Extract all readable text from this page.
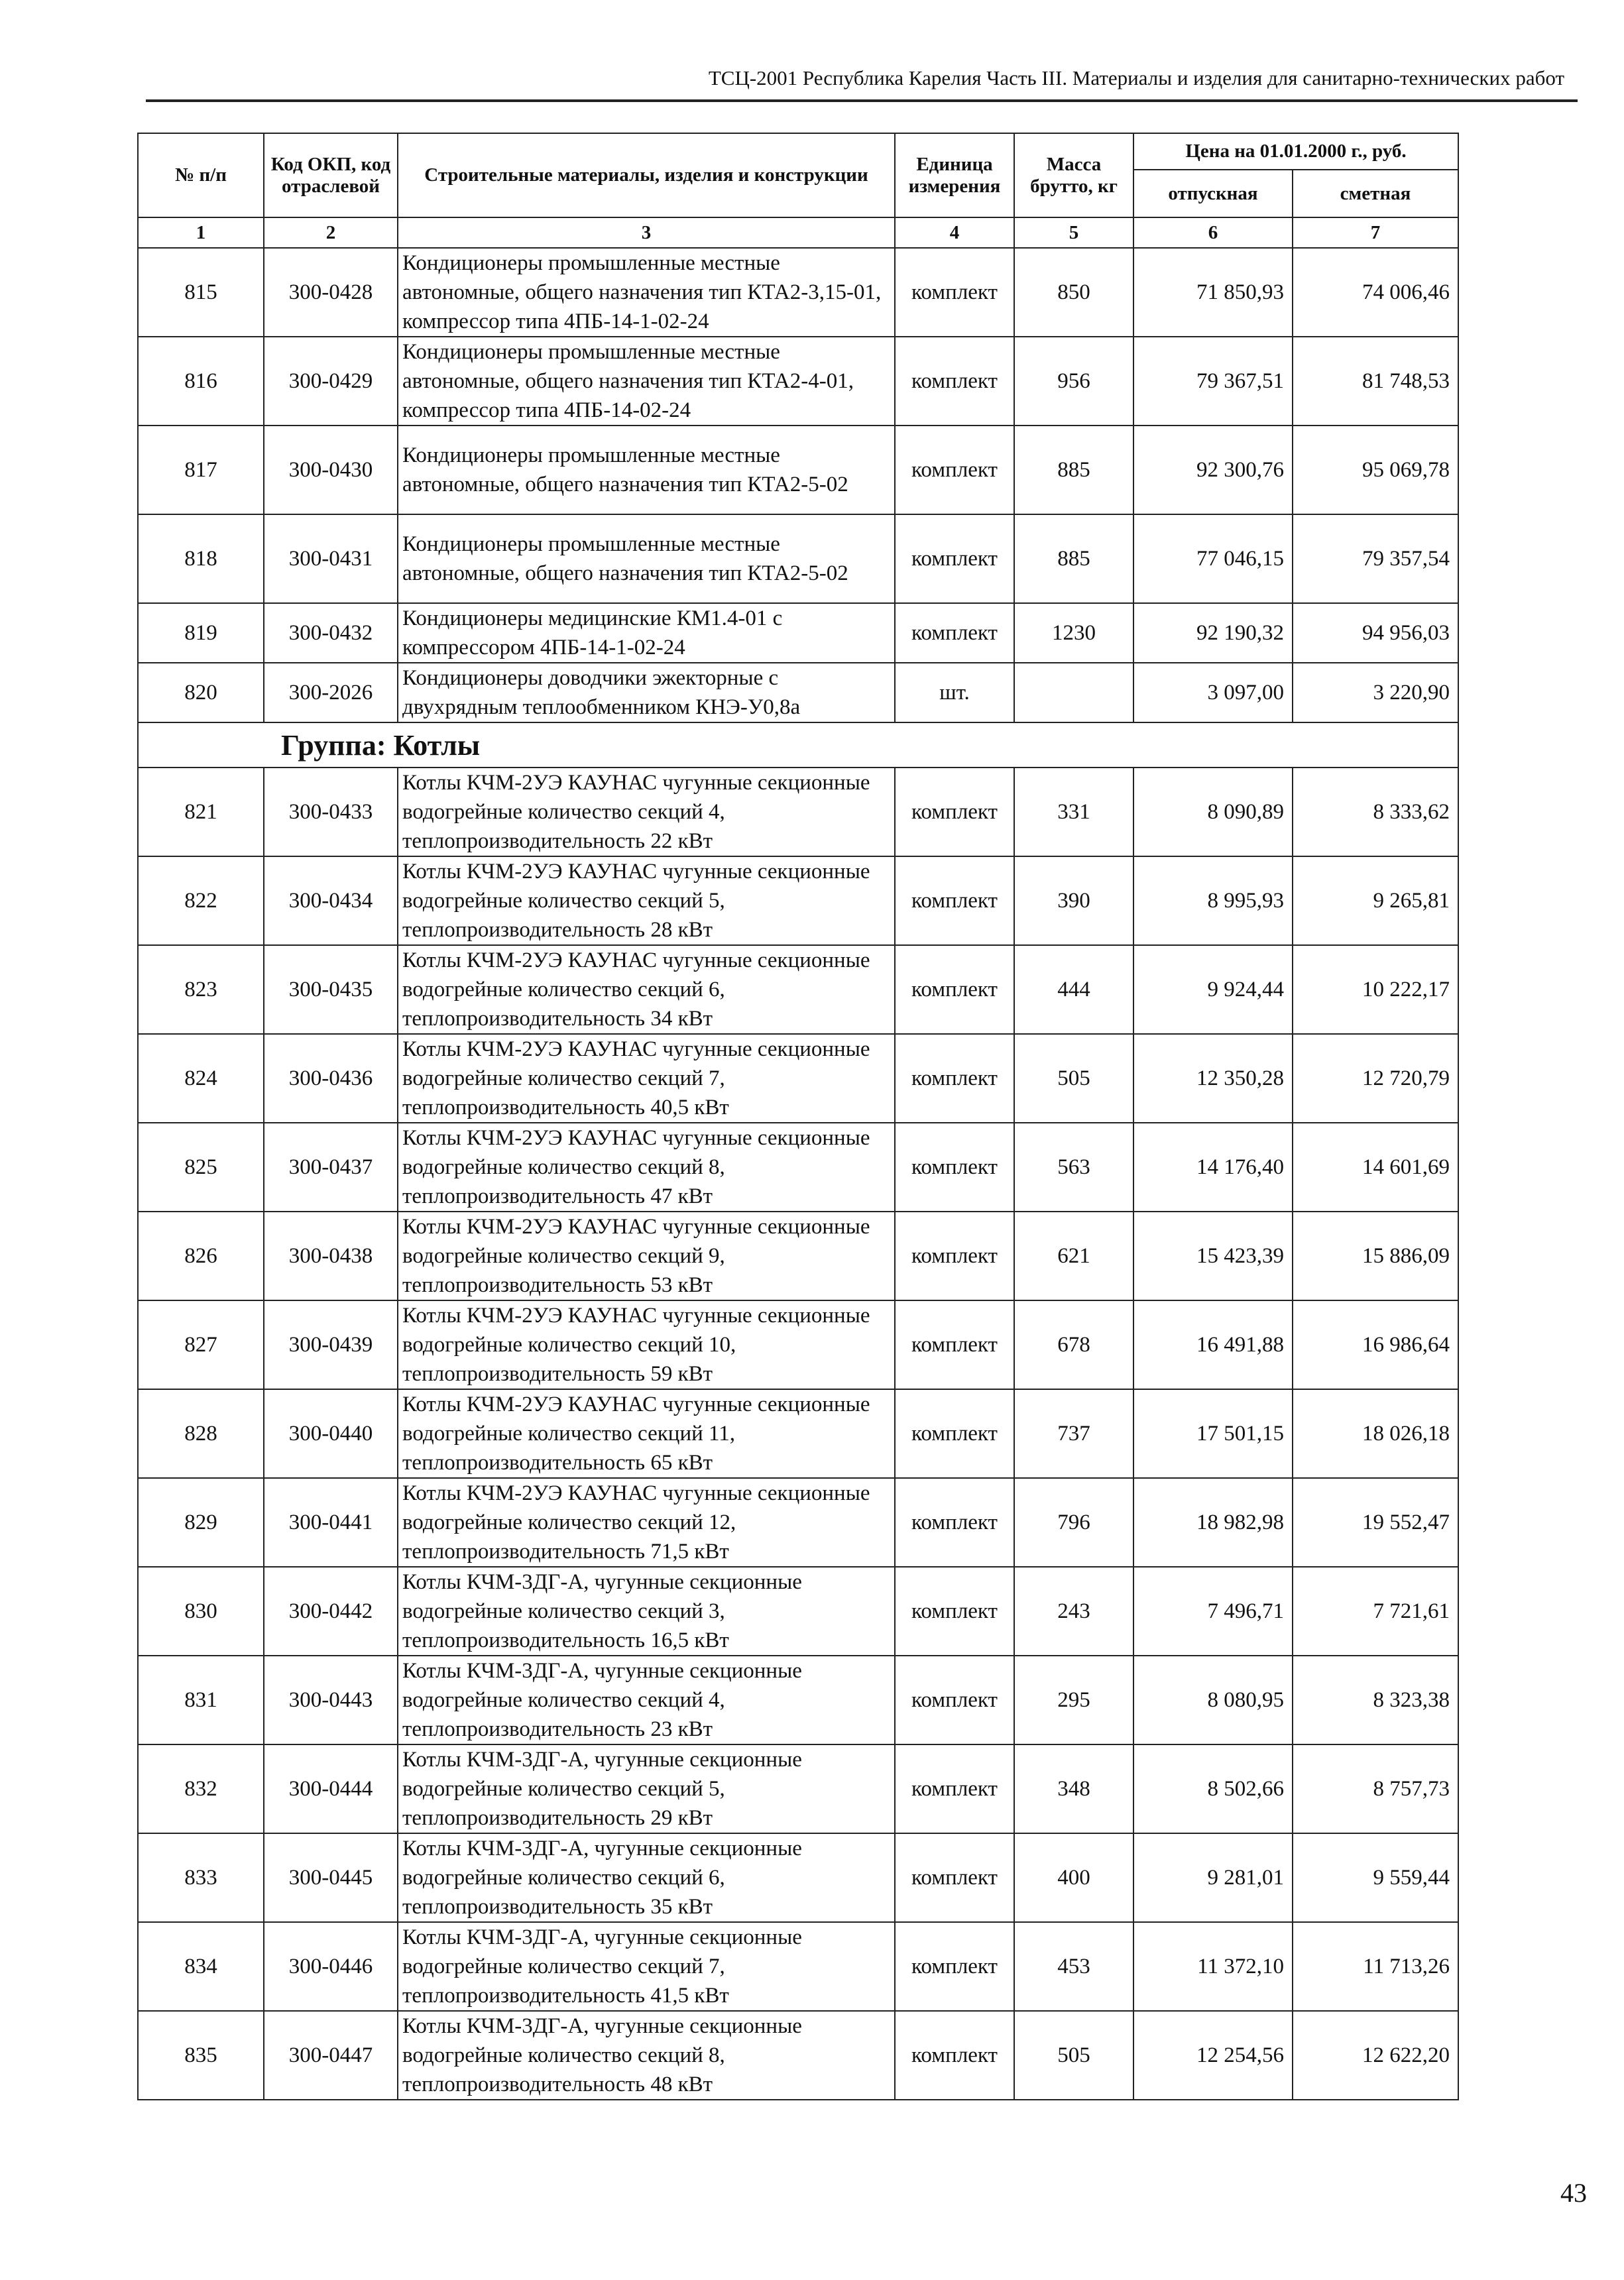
ТСЦ-2001 Республика Карелия Часть III. Материалы и изделия для санитарно-технических работ
№ п/п	Код ОКП, код отраслевой	Строительные материалы, изделия и конструкции	Единица измерения	Масса брутто, кг	Цена на 01.01.2000 г., руб.	
					отпускная	сметная
1	2	3	4	5	6	7
815	300-0428	Кондиционеры промышленные местные автономные, общего назначения тип КТА2-3,15-01, компрессор типа 4ПБ-14-1-02-24	комплект	850	71 850,93	74 006,46
816	300-0429	Кондиционеры промышленные местные автономные, общего назначения тип КТА2-4-01, компрессор типа 4ПБ-14-02-24	комплект	956	79 367,51	81 748,53
817	300-0430	Кондиционеры промышленные местные автономные, общего назначения тип КТА2-5-02	комплект	885	92 300,76	95 069,78
818	300-0431	Кондиционеры промышленные местные автономные, общего назначения тип КТА2-5-02	комплект	885	77 046,15	79 357,54
819	300-0432	Кондиционеры медицинские КМ1.4-01 с компрессором 4ПБ-14-1-02-24	комплект	1230	92 190,32	94 956,03
820	300-2026	Кондиционеры доводчики эжекторные с двухрядным теплообменником КНЭ-У0,8а	шт.		3 097,00	3 220,90
Группа: Котлы						
821	300-0433	Котлы КЧМ-2УЭ КАУНАС чугунные секционные водогрейные количество секций 4, теплопроизводительность 22 кВт	комплект	331	8 090,89	8 333,62
822	300-0434	Котлы КЧМ-2УЭ КАУНАС чугунные секционные водогрейные количество секций 5, теплопроизводительность 28 кВт	комплект	390	8 995,93	9 265,81
823	300-0435	Котлы КЧМ-2УЭ КАУНАС чугунные секционные водогрейные количество секций 6, теплопроизводительность 34 кВт	комплект	444	9 924,44	10 222,17
824	300-0436	Котлы КЧМ-2УЭ КАУНАС чугунные секционные водогрейные количество секций 7, теплопроизводительность 40,5 кВт	комплект	505	12 350,28	12 720,79
825	300-0437	Котлы КЧМ-2УЭ КАУНАС чугунные секционные водогрейные количество секций 8, теплопроизводительность 47 кВт	комплект	563	14 176,40	14 601,69
826	300-0438	Котлы КЧМ-2УЭ КАУНАС чугунные секционные водогрейные количество секций 9, теплопроизводительность 53 кВт	комплект	621	15 423,39	15 886,09
827	300-0439	Котлы КЧМ-2УЭ КАУНАС чугунные секционные водогрейные количество секций 10, теплопроизводительность 59 кВт	комплект	678	16 491,88	16 986,64
828	300-0440	Котлы КЧМ-2УЭ КАУНАС чугунные секционные водогрейные количество секций 11, теплопроизводительность 65 кВт	комплект	737	17 501,15	18 026,18
829	300-0441	Котлы КЧМ-2УЭ КАУНАС чугунные секционные водогрейные количество секций 12, теплопроизводительность 71,5 кВт	комплект	796	18 982,98	19 552,47
830	300-0442	Котлы КЧМ-3ДГ-А, чугунные секционные водогрейные количество секций 3, теплопроизводительность 16,5 кВт	комплект	243	7 496,71	7 721,61
831	300-0443	Котлы КЧМ-3ДГ-А, чугунные секционные водогрейные количество секций 4, теплопроизводительность 23 кВт	комплект	295	8 080,95	8 323,38
832	300-0444	Котлы КЧМ-3ДГ-А, чугунные секционные водогрейные количество секций 5, теплопроизводительность 29 кВт	комплект	348	8 502,66	8 757,73
833	300-0445	Котлы КЧМ-3ДГ-А, чугунные секционные водогрейные количество секций 6, теплопроизводительность 35 кВт	комплект	400	9 281,01	9 559,44
834	300-0446	Котлы КЧМ-3ДГ-А, чугунные секционные водогрейные количество секций 7, теплопроизводительность 41,5 кВт	комплект	453	11 372,10	11 713,26
835	300-0447	Котлы КЧМ-3ДГ-А, чугунные секционные водогрейные количество секций 8, теплопроизводительность 48 кВт	комплект	505	12 254,56	12 622,20
43
